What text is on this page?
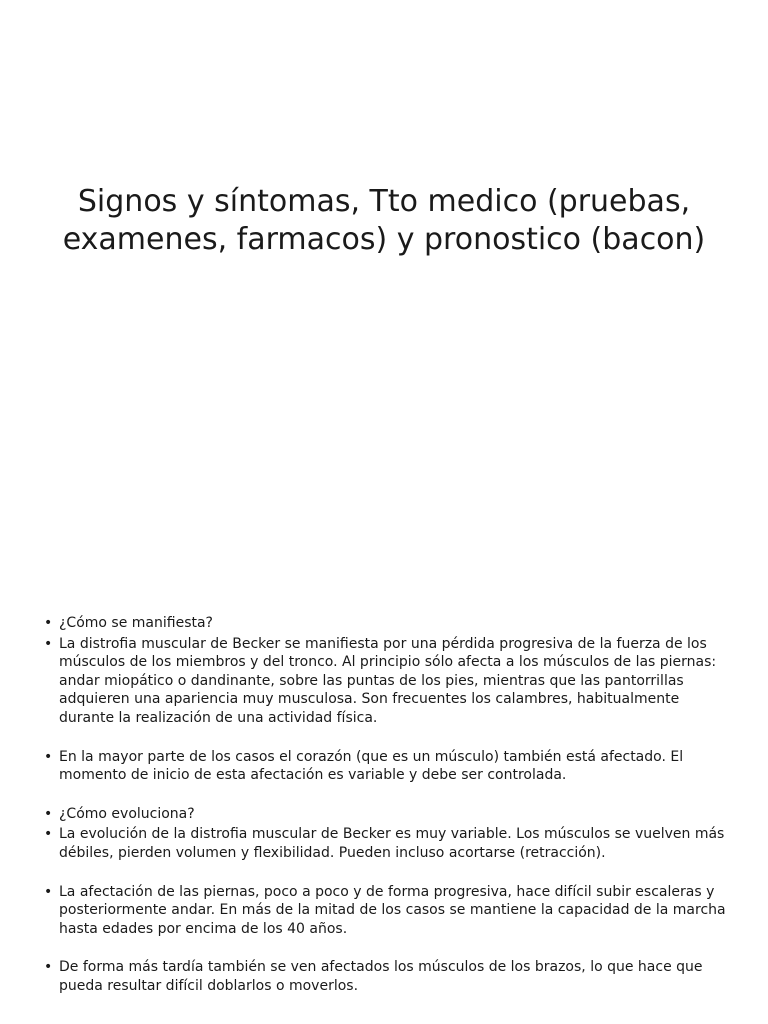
Signos y síntomas, Tto medico (pruebas, examenes, farmacos) y pronostico (bacon)
• ¿Cómo se manifiesta?
• La distrofia muscular de Becker se manifiesta por una pérdida progresiva de la fuerza de los músculos de los miembros y del tronco. Al principio sólo afecta a los músculos de las piernas: andar miopático o dandinante, sobre las puntas de los pies, mientras que las pantorrillas adquieren una apariencia muy musculosa. Son frecuentes los calambres, habitualmente durante la realización de una actividad física.
• En la mayor parte de los casos el corazón (que es un músculo) también está afectado. El momento de inicio de esta afectación es variable y debe ser controlada.
• ¿Cómo evoluciona?
• La evolución de la distrofia muscular de Becker es muy variable. Los músculos se vuelven más débiles, pierden volumen y flexibilidad. Pueden incluso acortarse (retracción).
• La afectación de las piernas, poco a poco y de forma progresiva, hace difícil subir escaleras y posteriormente andar. En más de la mitad de los casos se mantiene la capacidad de la marcha hasta edades por encima de los 40 años.
• De forma más tardía también se ven afectados los músculos de los brazos, lo que hace que pueda resultar difícil doblarlos o moverlos.
